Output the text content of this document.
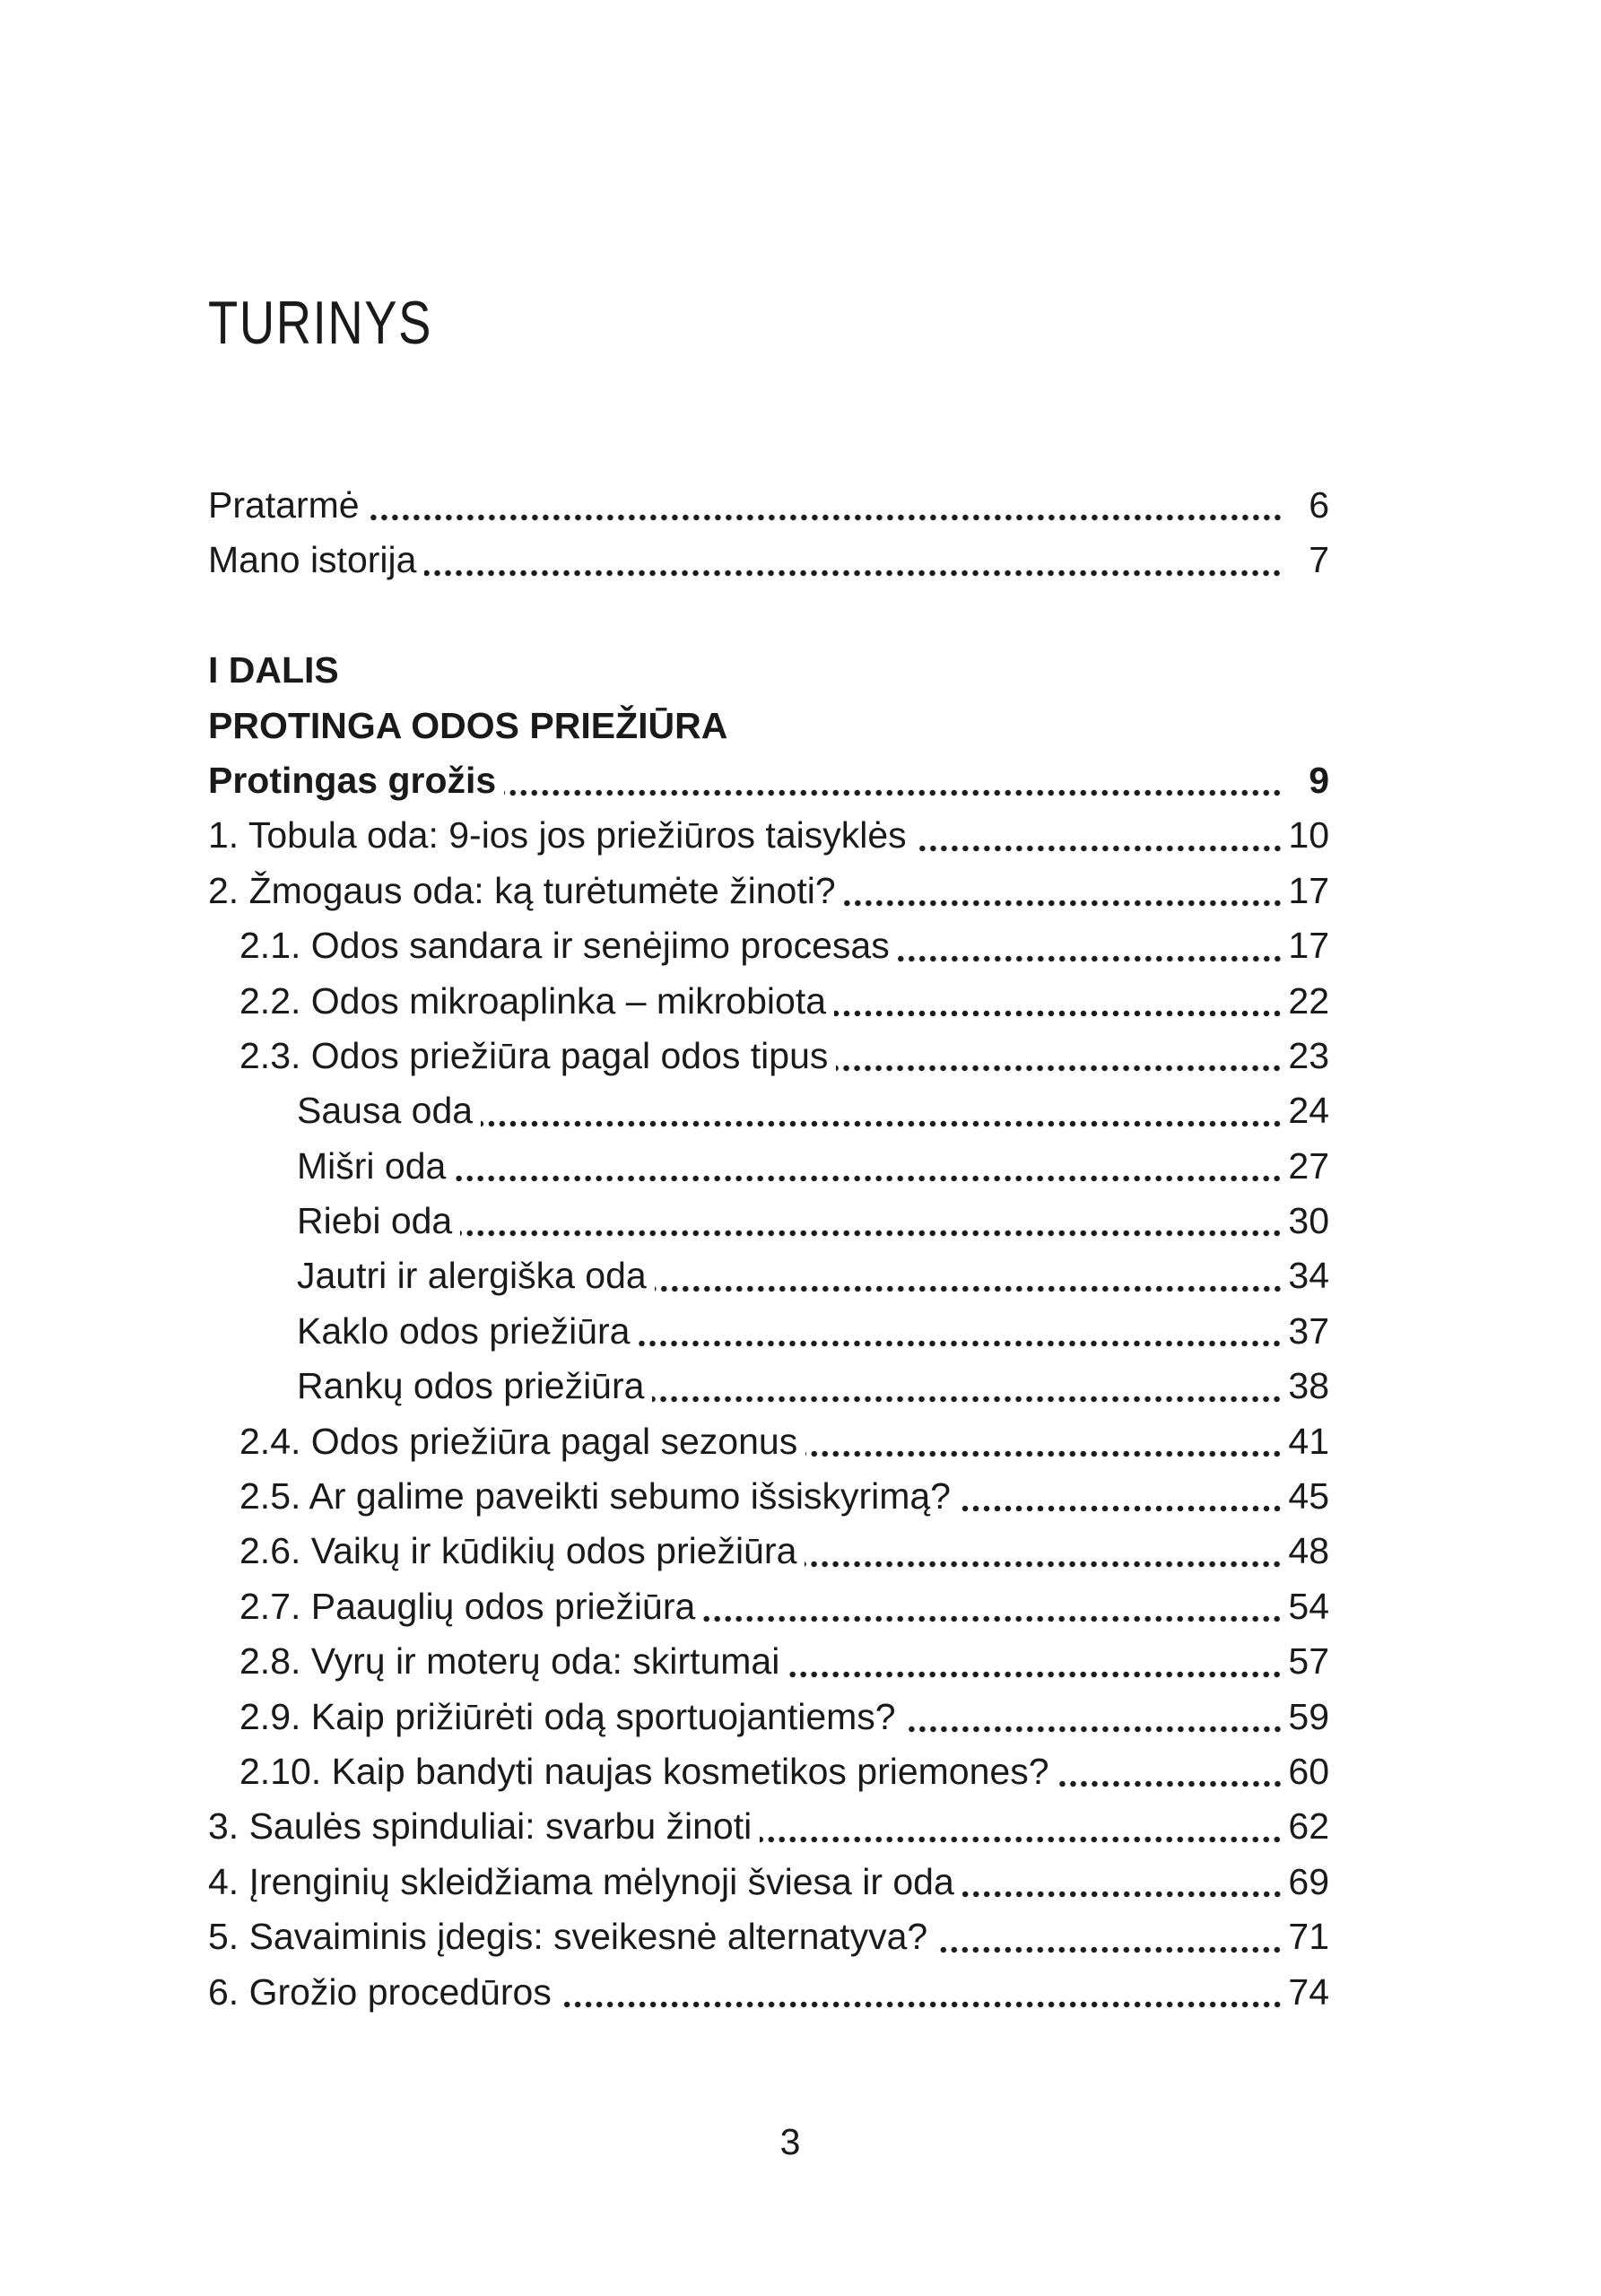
TURINYS
Pratarmė	6
Mano istorija	7
I DALIS
PROTINGA ODOS PRIEŽIŪRA
Protingas grožis	9
1. Tobula oda: 9-ios jos priežiūros taisyklės	10
2. Žmogaus oda: ką turėtumėte žinoti?	17
2.1. Odos sandara ir senėjimo procesas	17
2.2. Odos mikroaplinka – mikrobiota	22
2.3. Odos priežiūra pagal odos tipus	23
Sausa oda	24
Mišri oda	27
Riebi oda	30
Jautri ir alergiška oda	34
Kaklo odos priežiūra	37
Rankų odos priežiūra	38
2.4. Odos priežiūra pagal sezonus	41
2.5. Ar galime paveikti sebumo išsiskyrimą?	45
2.6. Vaikų ir kūdikių odos priežiūra	48
2.7. Paauglių odos priežiūra	54
2.8. Vyrų ir moterų oda: skirtumai	57
2.9. Kaip prižiūrėti odą sportuojantiems?	59
2.10. Kaip bandyti naujas kosmetikos priemones?	60
3. Saulės spinduliai: svarbu žinoti	62
4. Įrenginių skleidžiama mėlynoji šviesa ir oda	69
5. Savaiminis įdegis: sveikesnė alternatyva?	71
6. Grožio procedūros	74
3
